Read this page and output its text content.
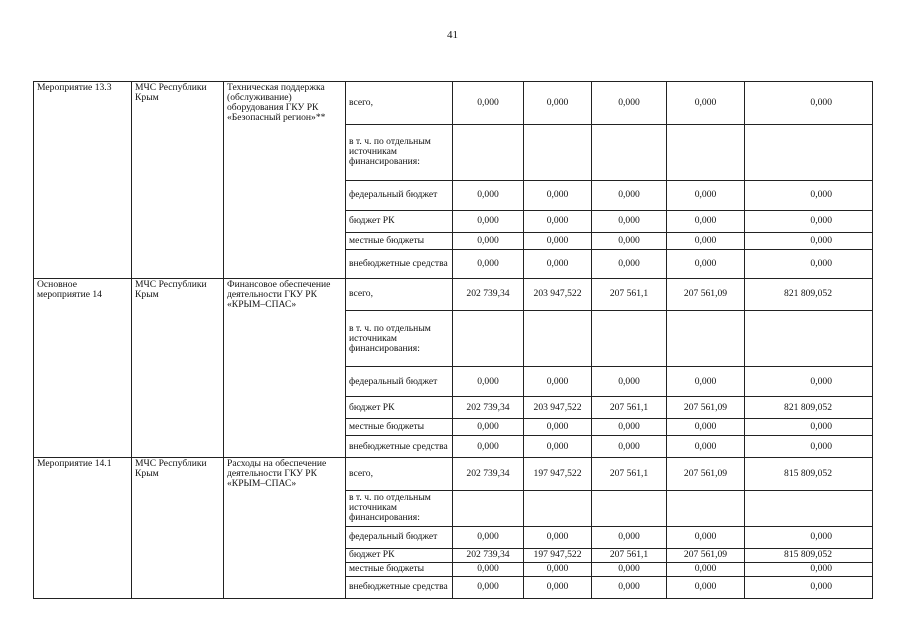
41
Мероприятие 13.3	МЧС Республики Крым	Техническая поддержка (обслуживание) оборудования ГКУ РК «Безопасный регион»**	всего,	0,000	0,000	0,000	0,000	0,000
			в т. ч. по отдельным источникам финансирования:					
			федеральный бюджет	0,000	0,000	0,000	0,000	0,000
			бюджет РК	0,000	0,000	0,000	0,000	0,000
			местные бюджеты	0,000	0,000	0,000	0,000	0,000
			внебюджетные средства	0,000	0,000	0,000	0,000	0,000
Основное мероприятие 14	МЧС Республики Крым	Финансовое обеспечение деятельности ГКУ РК «КРЫМ–СПАС»	всего,	202 739,34	203 947,522	207 561,1	207 561,09	821 809,052
			в т. ч. по отдельным источникам финансирования:					
			федеральный бюджет	0,000	0,000	0,000	0,000	0,000
			бюджет РК	202 739,34	203 947,522	207 561,1	207 561,09	821 809,052
			местные бюджеты	0,000	0,000	0,000	0,000	0,000
			внебюджетные средства	0,000	0,000	0,000	0,000	0,000
Мероприятие 14.1	МЧС Республики Крым	Расходы на обеспечение деятельности ГКУ РК «КРЫМ–СПАС»	всего,	202 739,34	197 947,522	207 561,1	207 561,09	815 809,052
			в т. ч. по отдельным источникам финансирования:					
			федеральный бюджет	0,000	0,000	0,000	0,000	0,000
			бюджет РК	202 739,34	197 947,522	207 561,1	207 561,09	815 809,052
			местные бюджеты	0,000	0,000	0,000	0,000	0,000
			внебюджетные средства	0,000	0,000	0,000	0,000	0,000
